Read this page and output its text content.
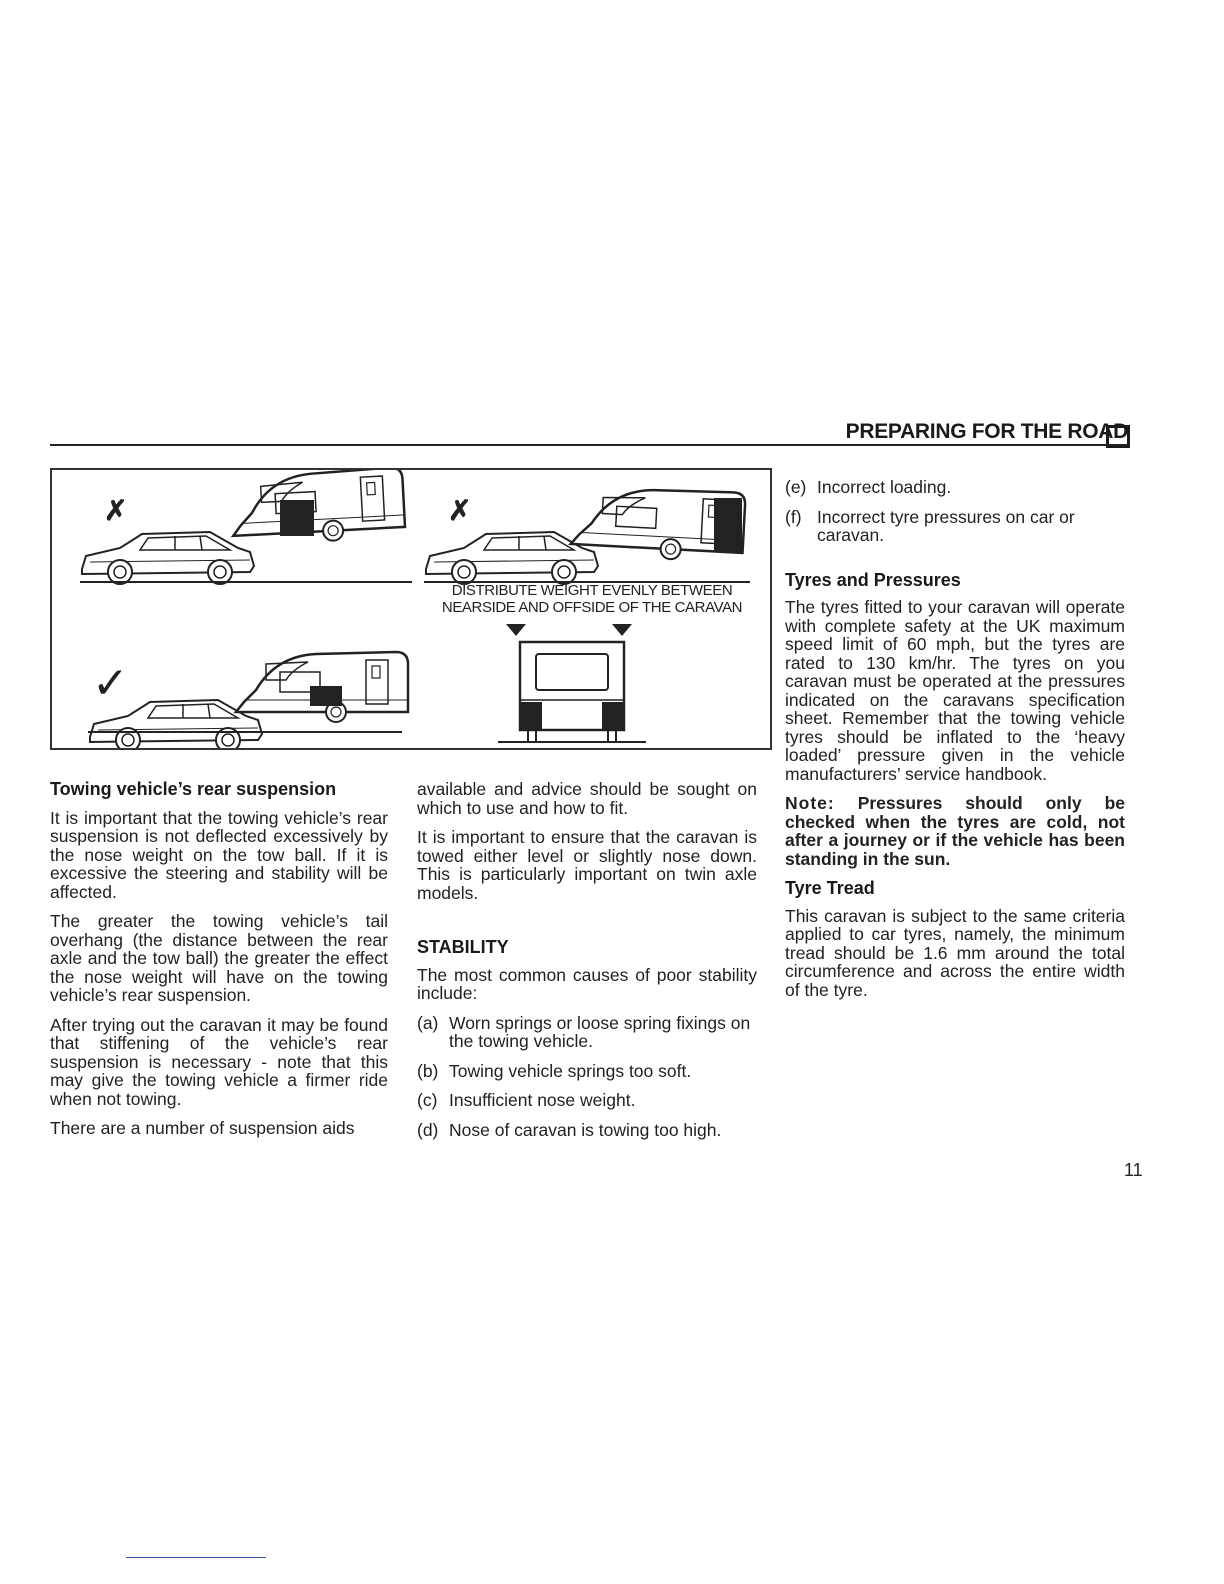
PREPARING FOR THE ROAD
✗	✗
✓
DISTRIBUTE WEIGHT EVENLY BETWEEN
NEARSIDE AND OFFSIDE OF THE CARAVAN
Towing vehicle’s rear suspension

It is important that the towing vehicle’s rear suspension is not deflected excessively by the nose weight on the tow ball. If it is excessive the steering and stability will be affected.

The greater the towing vehicle’s tail overhang (the distance between the rear axle and the tow ball) the greater the effect the nose weight will have on the towing vehicle’s rear suspension.

After trying out the caravan it may be found that stiffening of the vehicle’s rear suspension is necessary - note that this may give the towing vehicle a firmer ride when not towing.

There are a number of suspension aids

available and advice should be sought on which to use and how to fit.

It is important to ensure that the caravan is towed either level or slightly nose down. This is particularly important on twin axle models.

STABILITY

The most common causes of poor stability include:

(a) Worn springs or loose spring fixings on the towing vehicle.
(b) Towing vehicle springs too soft.
(c) Insufficient nose weight.
(d) Nose of caravan is towing too high.
(e) Incorrect loading.
(f) Incorrect tyre pressures on car or caravan.
Tyres and Pressures

The tyres fitted to your caravan will operate with complete safety at the UK maximum speed limit of 60 mph, but the tyres are rated to 130 km/hr. The tyres on you caravan must be operated at the pressures indicated on the caravans specification sheet. Remember that the towing vehicle tyres should be inflated to the ‘heavy loaded’ pressure given in the vehicle manufacturers’ service handbook.

Note: Pressures should only be checked when the tyres are cold, not after a journey or if the vehicle has been standing in the sun.

Tyre Tread

This caravan is subject to the same criteria applied to car tyres, namely, the minimum tread should be 1.6 mm around the total circumference and across the entire width of the tyre.

11
